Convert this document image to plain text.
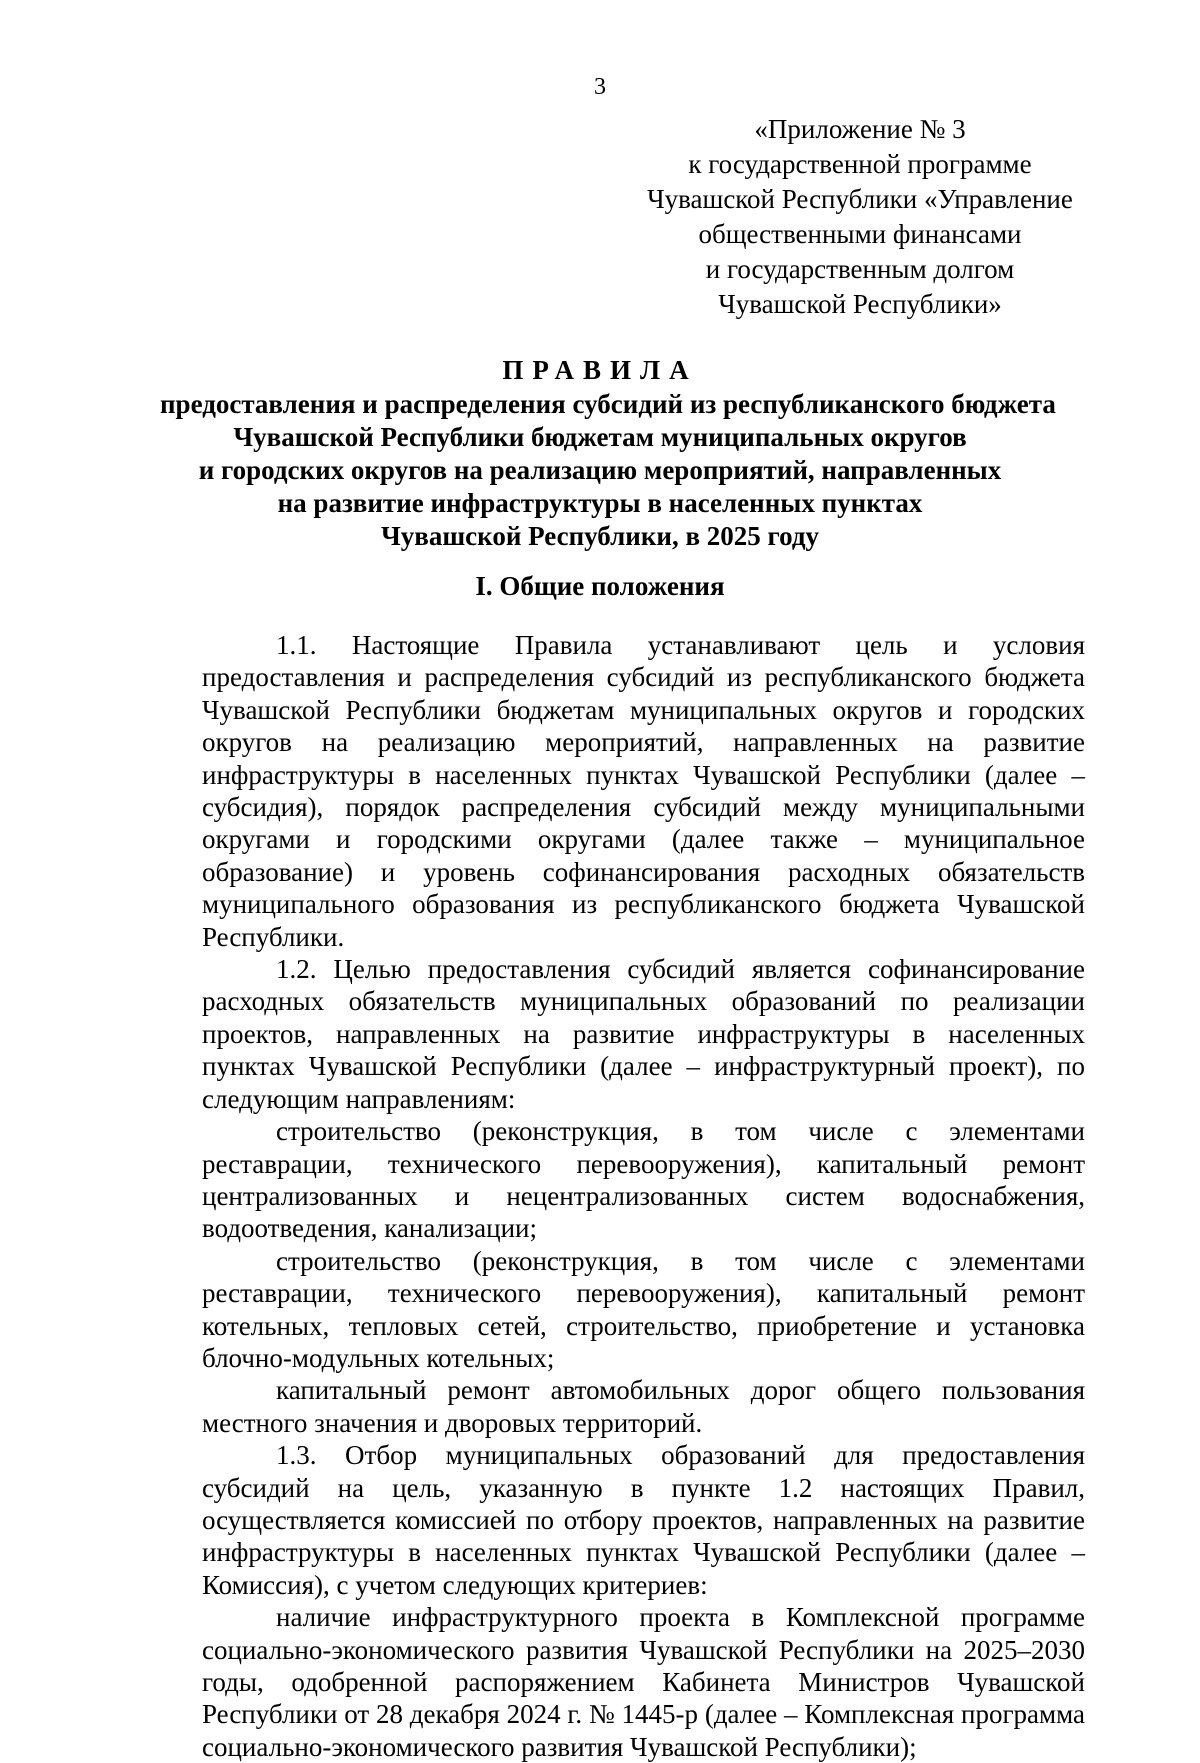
3
«Приложение № 3
к государственной программе
Чувашской Республики «Управление
общественными финансами
и государственным долгом
Чувашской Республики»
ПРАВИЛА
предоставления и распределения субсидий из республиканского бюджета
Чувашской Республики бюджетам муниципальных округов
и городских округов на реализацию мероприятий, направленных
на развитие инфраструктуры в населенных пунктах
Чувашской Республики, в 2025 году
I. Общие положения

1.1. Настоящие Правила устанавливают цель и условия предоставления и распределения субсидий из республиканского бюджета Чувашской Республики бюджетам муниципальных округов и городских округов на реализацию мероприятий, направленных на развитие инфраструктуры в населенных пунктах Чувашской Республики (далее – субсидия), порядок распределения субсидий между муниципальными округами и городскими округами (далее также – муниципальное образование) и уровень софинансирования расходных обязательств муниципального образования из республиканского бюджета Чувашской Республики.

1.2. Целью предоставления субсидий является софинансирование расходных обязательств муниципальных образований по реализации проектов, направленных на развитие инфраструктуры в населенных пунктах Чувашской Республики (далее – инфраструктурный проект), по следующим направлениям:

строительство (реконструкция, в том числе с элементами реставрации, технического перевооружения), капитальный ремонт централизованных и нецентрализованных систем водоснабжения, водоотведения, канализации;

строительство (реконструкция, в том числе с элементами реставрации, технического перевооружения), капитальный ремонт котельных, тепловых сетей, строительство, приобретение и установка блочно-модульных котельных;

капитальный ремонт автомобильных дорог общего пользования местного значения и дворовых территорий.

1.3. Отбор муниципальных образований для предоставления субсидий на цель, указанную в пункте 1.2 настоящих Правил, осуществляется комиссией по отбору проектов, направленных на развитие инфраструктуры в населенных пунктах Чувашской Республики (далее – Комиссия), с учетом следующих критериев:

наличие инфраструктурного проекта в Комплексной программе социально-экономического развития Чувашской Республики на 2025–2030 годы, одобренной распоряжением Кабинета Министров Чувашской Республики от 28 декабря 2024 г. № 1445-р (далее – Комплексная программа социально-экономического развития Чувашской Республики);
